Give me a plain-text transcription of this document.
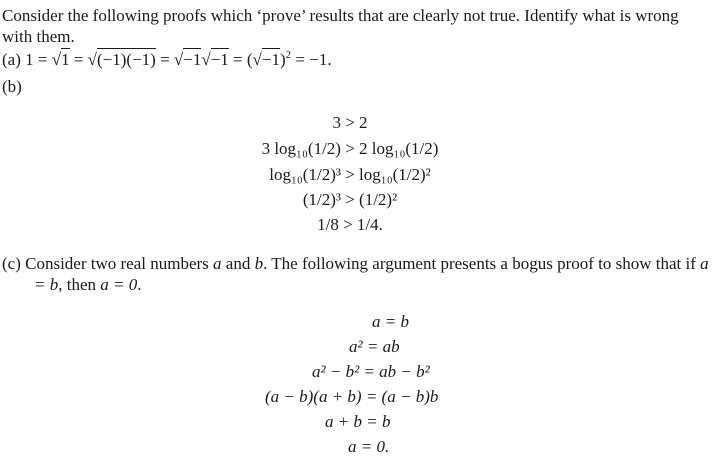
Consider the following proofs which ‘prove’ results that are clearly not true. Identify what is wrong with them.

(a) $1 = √1 = √(-1)(-1) = √-1√-1 = (√-1)^2 = -1$.
(b)
3 > 2
3 log₁₀(1/2) > 2 log₁₀(1/2)
log₁₀(1/2)³ > log₁₀(1/2)²
(1/2)³ > (1/2)²
1/8 > 1/4.

(c) Consider two real numbers a and b. The following argument presents a bogus proof to show that if a = b, then a = 0.

a = b
a² = ab
a² − b² = ab − b²
(a − b)(a + b) = (a − b)b
a + b = b
a = 0.
